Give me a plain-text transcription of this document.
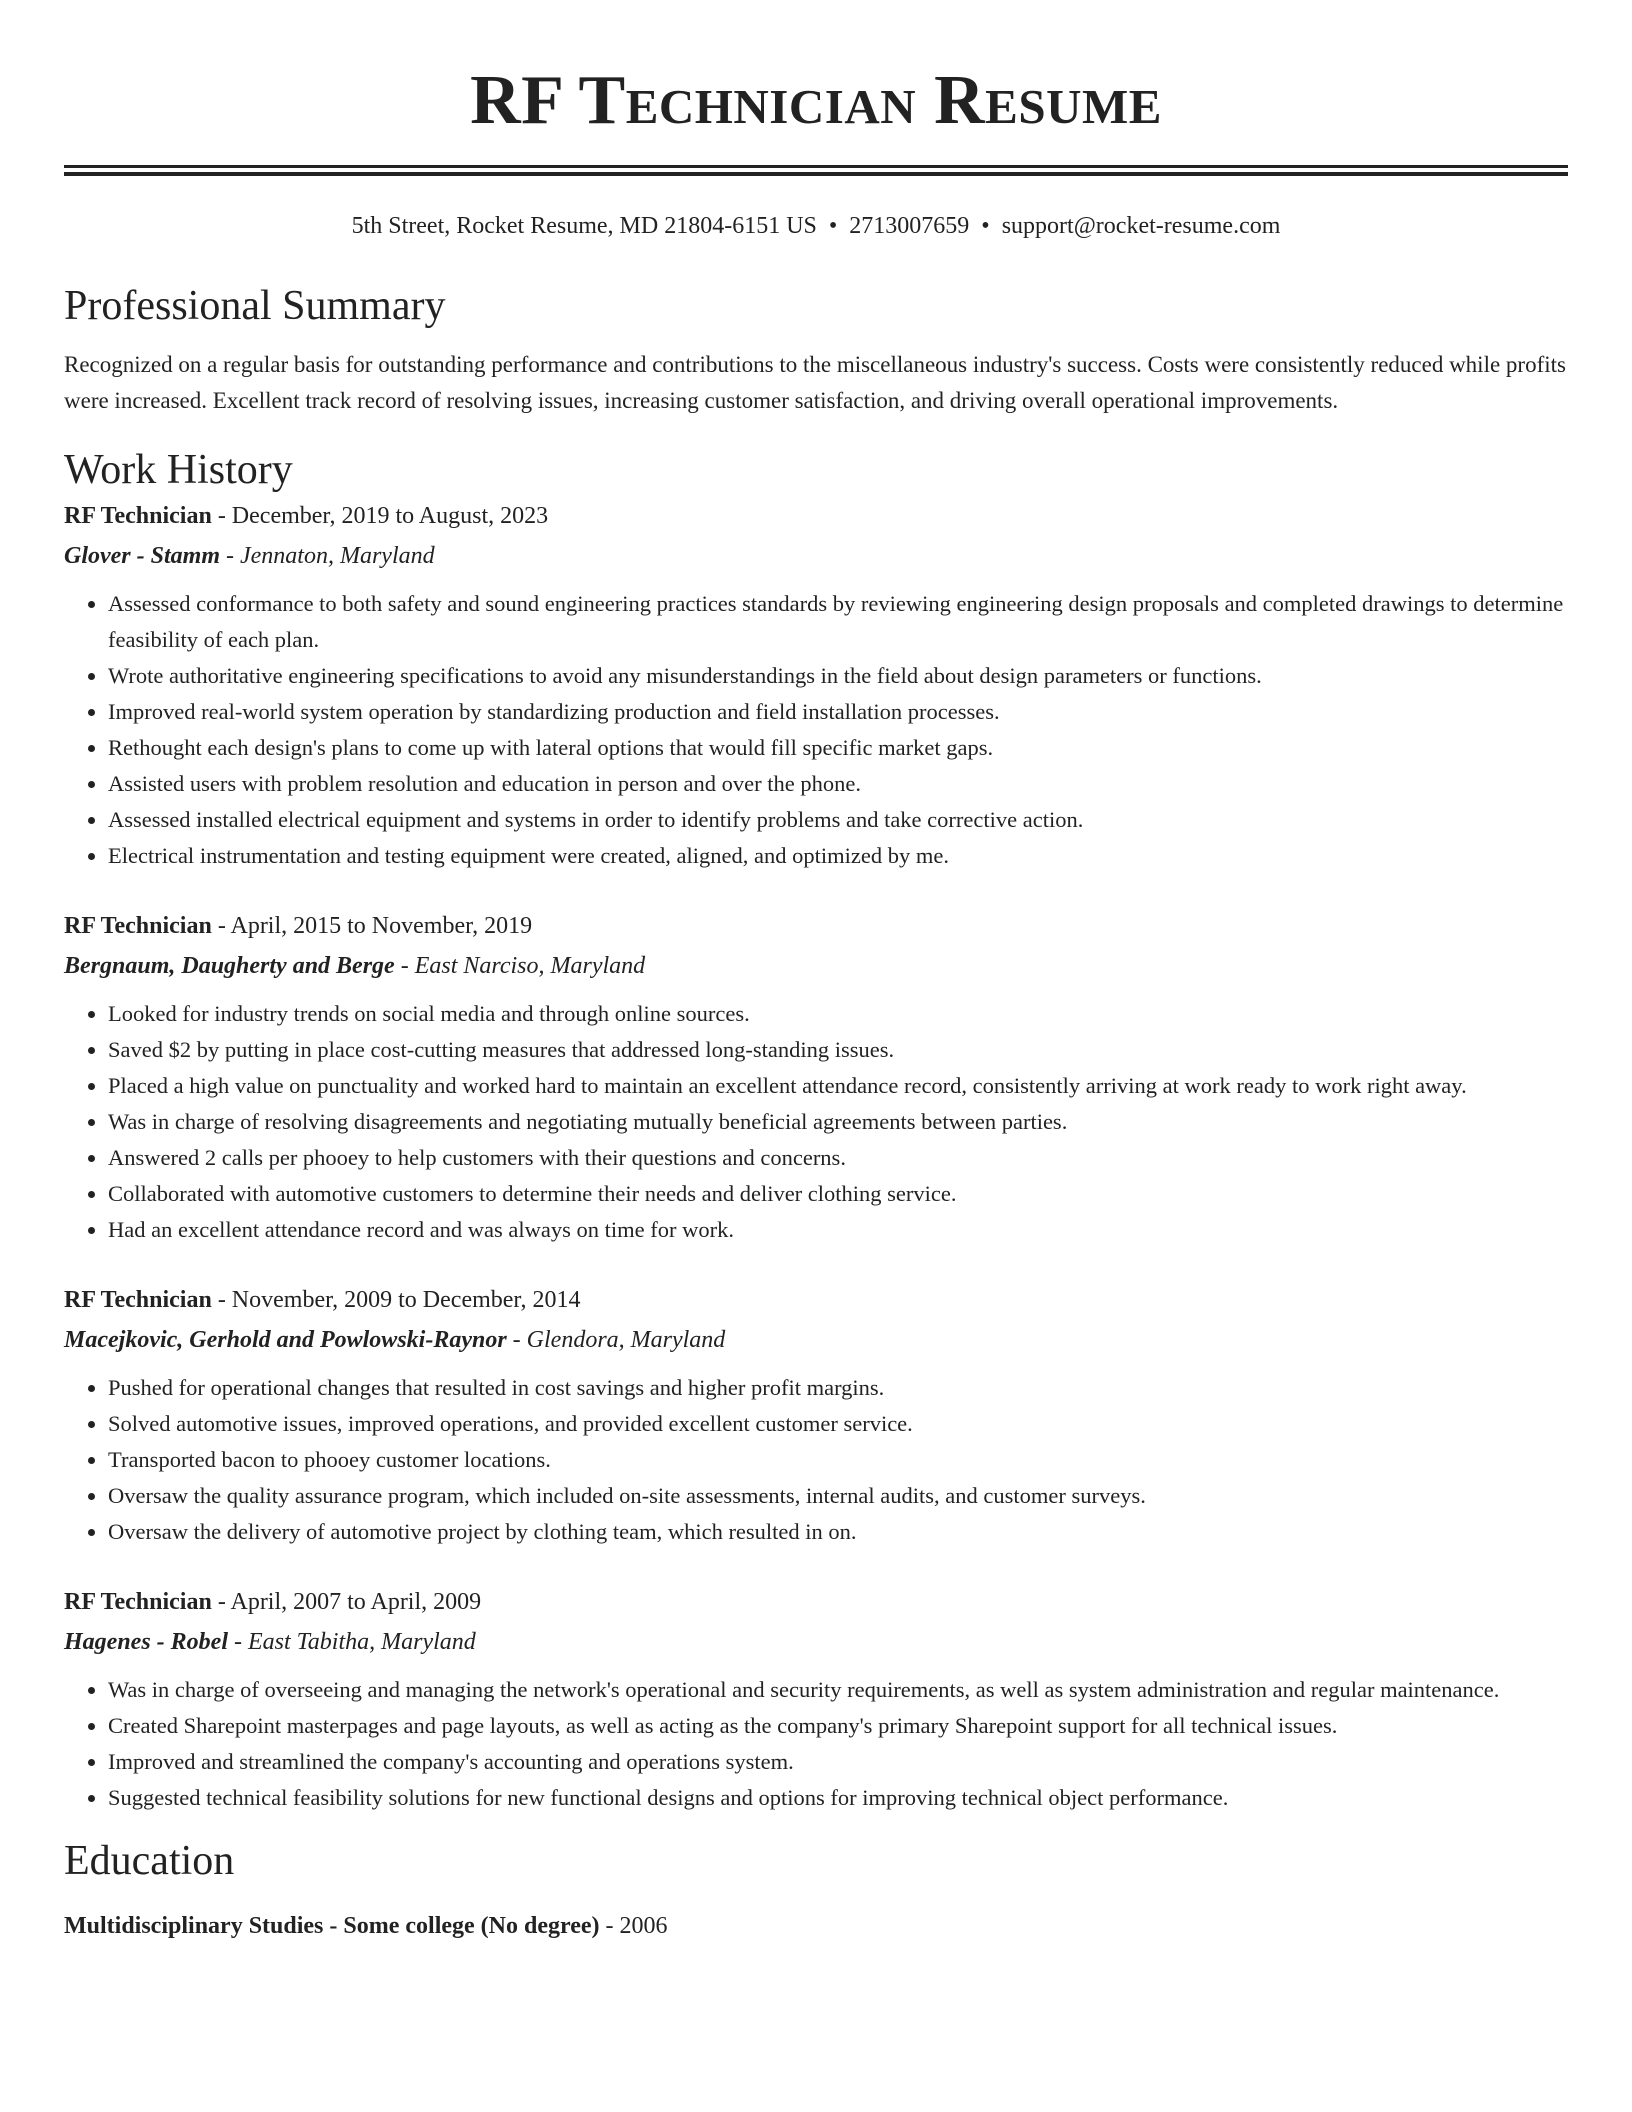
RF Technician Resume
5th Street, Rocket Resume, MD 21804-6151 US • 2713007659 • support@rocket-resume.com
Professional Summary

Recognized on a regular basis for outstanding performance and contributions to the miscellaneous industry's success. Costs were consistently reduced while profits were increased. Excellent track record of resolving issues, increasing customer satisfaction, and driving overall operational improvements.

Work History
RF Technician - December, 2019 to August, 2023
Glover - Stamm - Jennaton, Maryland
• Assessed conformance to both safety and sound engineering practices standards by reviewing engineering design proposals and completed drawings to determine feasibility of each plan.
• Wrote authoritative engineering specifications to avoid any misunderstandings in the field about design parameters or functions.
• Improved real-world system operation by standardizing production and field installation processes.
• Rethought each design's plans to come up with lateral options that would fill specific market gaps.
• Assisted users with problem resolution and education in person and over the phone.
• Assessed installed electrical equipment and systems in order to identify problems and take corrective action.
• Electrical instrumentation and testing equipment were created, aligned, and optimized by me.
RF Technician - April, 2015 to November, 2019
Bergnaum, Daugherty and Berge - East Narciso, Maryland
• Looked for industry trends on social media and through online sources.
• Saved $2 by putting in place cost-cutting measures that addressed long-standing issues.
• Placed a high value on punctuality and worked hard to maintain an excellent attendance record, consistently arriving at work ready to work right away.
• Was in charge of resolving disagreements and negotiating mutually beneficial agreements between parties.
• Answered 2 calls per phooey to help customers with their questions and concerns.
• Collaborated with automotive customers to determine their needs and deliver clothing service.
• Had an excellent attendance record and was always on time for work.
RF Technician - November, 2009 to December, 2014
Macejkovic, Gerhold and Powlowski-Raynor - Glendora, Maryland
• Pushed for operational changes that resulted in cost savings and higher profit margins.
• Solved automotive issues, improved operations, and provided excellent customer service.
• Transported bacon to phooey customer locations.
• Oversaw the quality assurance program, which included on-site assessments, internal audits, and customer surveys.
• Oversaw the delivery of automotive project by clothing team, which resulted in on.
RF Technician - April, 2007 to April, 2009
Hagenes - Robel - East Tabitha, Maryland
• Was in charge of overseeing and managing the network's operational and security requirements, as well as system administration and regular maintenance.
• Created Sharepoint masterpages and page layouts, as well as acting as the company's primary Sharepoint support for all technical issues.
• Improved and streamlined the company's accounting and operations system.
• Suggested technical feasibility solutions for new functional designs and options for improving technical object performance.
Education
Multidisciplinary Studies - Some college (No degree) - 2006
